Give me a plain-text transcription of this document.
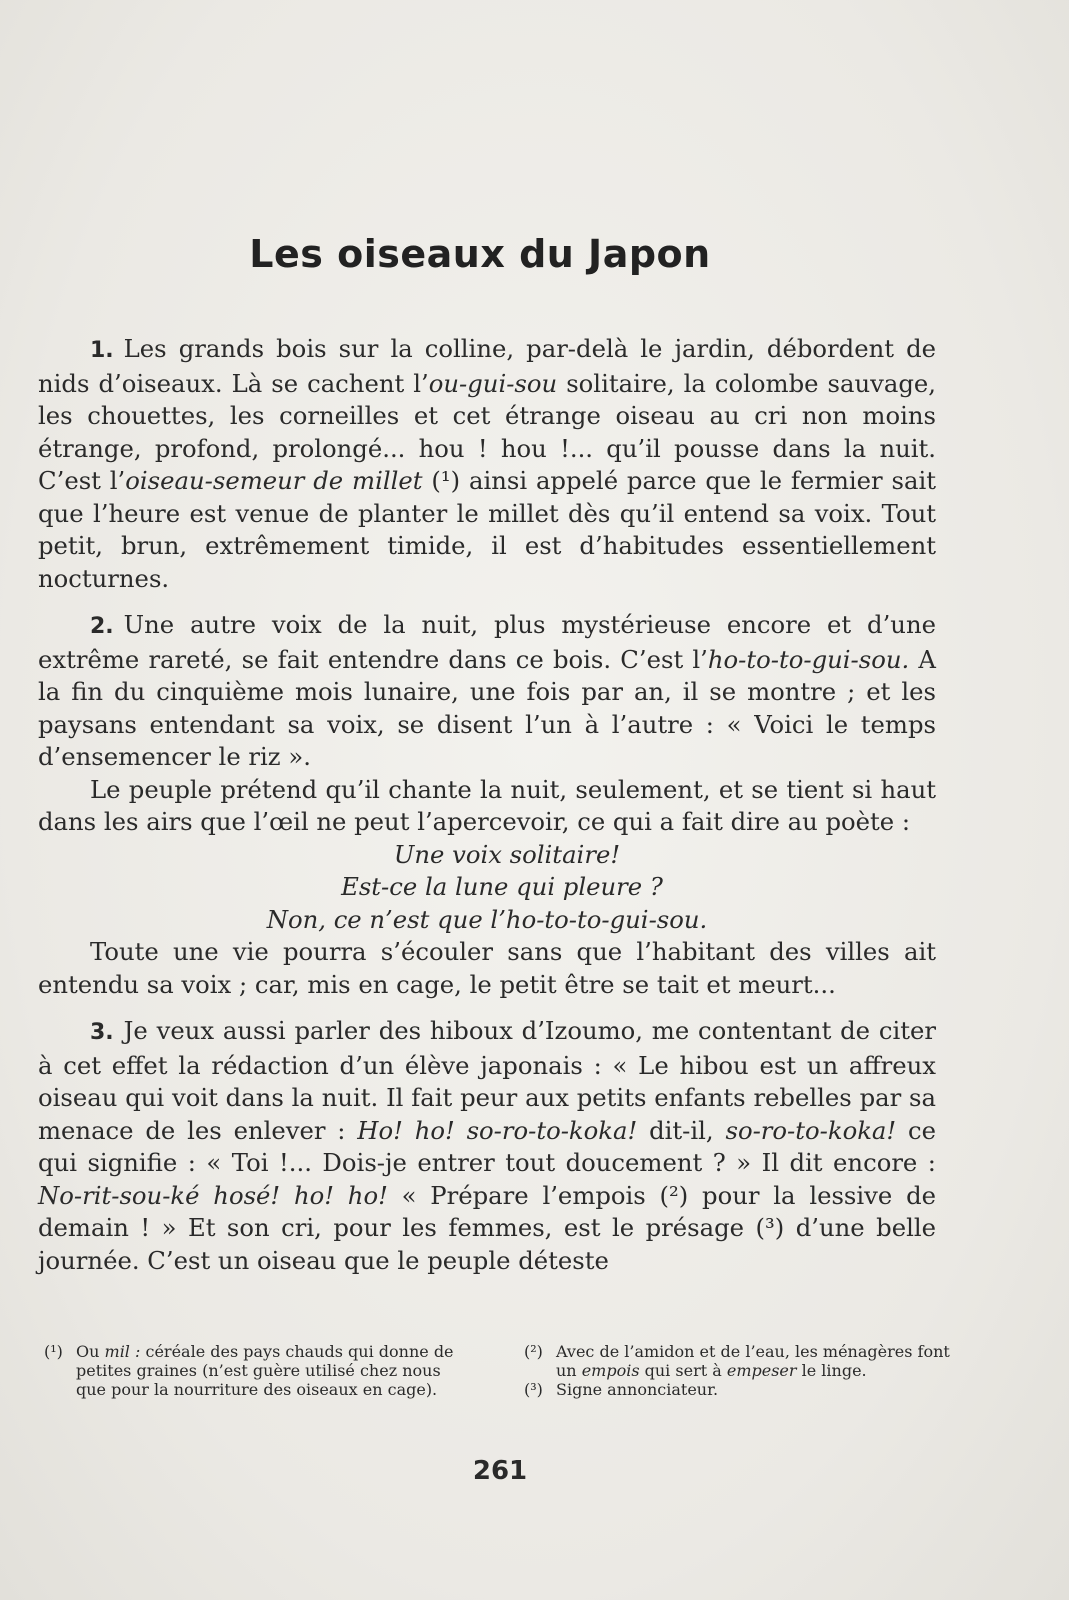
Les oiseaux du Japon

1. Les grands bois sur la colline, par-delà le jardin, débordent de nids d’oiseaux. Là se cachent l’ou-gui-sou solitaire, la colombe sauvage, les chouettes, les corneilles et cet étrange oiseau au cri non moins étrange, profond, prolongé... hou ! hou !... qu’il pousse dans la nuit. C’est l’oiseau-semeur de millet (¹) ainsi appelé parce que le fermier sait que l’heure est venue de planter le millet dès qu’il entend sa voix. Tout petit, brun, extrêmement timide, il est d’habitudes essentiellement nocturnes.

2. Une autre voix de la nuit, plus mystérieuse encore et d’une extrême rareté, se fait entendre dans ce bois. C’est l’ho-to-to-gui-sou. A la fin du cinquième mois lunaire, une fois par an, il se montre ; et les paysans entendant sa voix, se disent l’un à l’autre : « Voici le temps d’ensemencer le riz ».

Le peuple prétend qu’il chante la nuit, seulement, et se tient si haut dans les airs que l’œil ne peut l’apercevoir, ce qui a fait dire au poète :

Une voix solitaire!
Est-ce la lune qui pleure ?
Non, ce n’est que l’ho-to-to-gui-sou.

Toute une vie pourra s’écouler sans que l’habitant des villes ait entendu sa voix ; car, mis en cage, le petit être se tait et meurt...

3. Je veux aussi parler des hiboux d’Izoumo, me contentant de citer à cet effet la rédaction d’un élève japonais : « Le hibou est un affreux oiseau qui voit dans la nuit. Il fait peur aux petits enfants rebelles par sa menace de les enlever : Ho! ho! so-ro-to-koka! dit-il, so-ro-to-koka! ce qui signifie : « Toi !... Dois-je entrer tout doucement ? » Il dit encore : No-rit-sou-ké hosé! ho! ho! « Prépare l’empois (²) pour la lessive de demain ! » Et son cri, pour les femmes, est le présage (³) d’une belle journée. C’est un oiseau que le peuple déteste

(¹) Ou mil : céréale des pays chauds qui donne de petites graines (n’est guère utilisé chez nous que pour la nourriture des oiseaux en cage).
(²) Avec de l’amidon et de l’eau, les ménagères font un empois qui sert à empeser le linge.
(³) Signe annonciateur.
261
